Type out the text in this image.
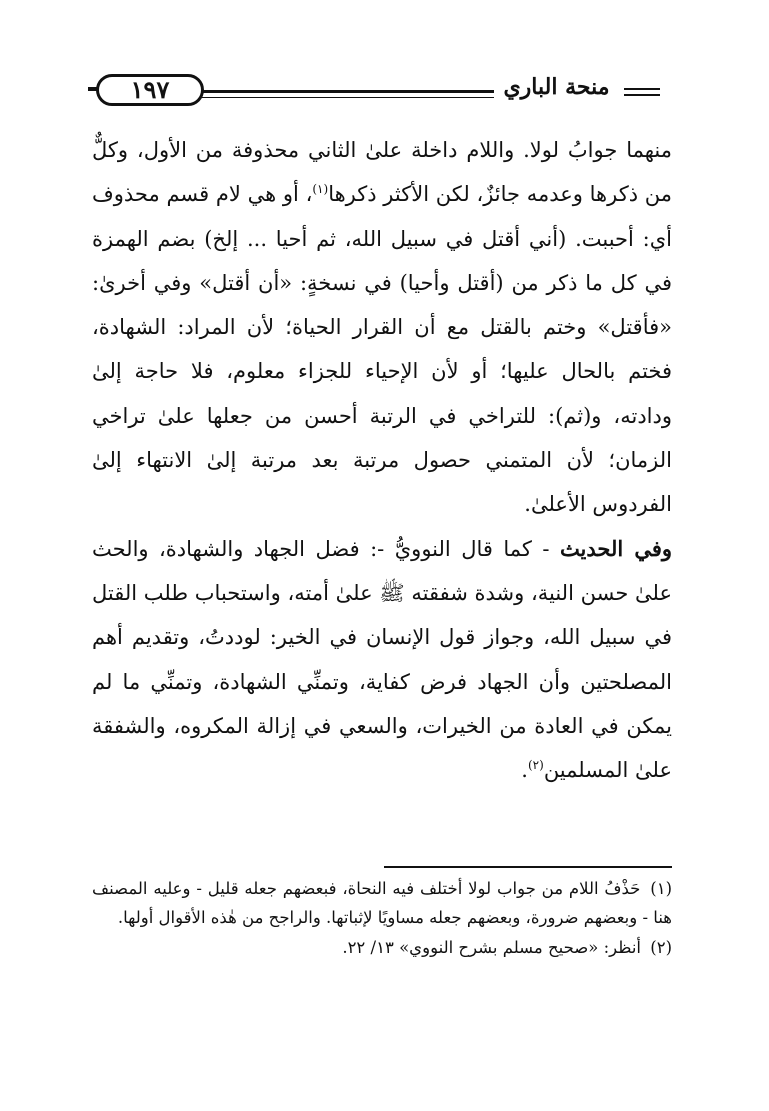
١٩٧	منحة الباري

منهما جوابُ لولا. واللام داخلة علىٰ الثاني محذوفة من الأول، وكلٌّ من ذكرها وعدمه جائزٌ، لكن الأكثر ذكرها$^{(١)}$، أو هي لام قسم محذوف أي: أحببت. (أني أقتل في سبيل الله، ثم أحيا ... إلخ) بضم الهمزة في كل ما ذكر من (أقتل وأحيا) في نسخةٍ: «أن أقتل» وفي أخرىٰ: «فأقتل» وختم بالقتل مع أن القرار الحياة؛ لأن المراد: الشهادة، فختم بالحال عليها؛ أو لأن الإحياء للجزاء معلوم، فلا حاجة إلىٰ ودادته، و(ثم): للتراخي في الرتبة أحسن من جعلها علىٰ تراخي الزمان؛ لأن المتمني حصول مرتبة بعد مرتبة إلىٰ الانتهاء إلىٰ الفردوس الأعلىٰ.

وفي الحديث - كما قال النوويُّ -: فضل الجهاد والشهادة، والحث علىٰ حسن النية، وشدة شفقته ﷺ علىٰ أمته، واستحباب طلب القتل في سبيل الله، وجواز قول الإنسان في الخير: لوددتُ، وتقديم أهم المصلحتين وأن الجهاد فرض كفاية، وتمنِّي الشهادة، وتمنِّي ما لم يمكن في العادة من الخيرات، والسعي في إزالة المكروه، والشفقة علىٰ المسلمين$^{(٢)}$.

(١) حَذْفُ اللام من جواب لولا أختلف فيه النحاة، فبعضهم جعله قليل - وعليه المصنف هنا - وبعضهم ضرورة، وبعضهم جعله مساويًا لإثباتها. والراجح من هٰذه الأقوال أولها.

(٢) أنظر: «صحيح مسلم بشرح النووي» ١٣/ ٢٢.
